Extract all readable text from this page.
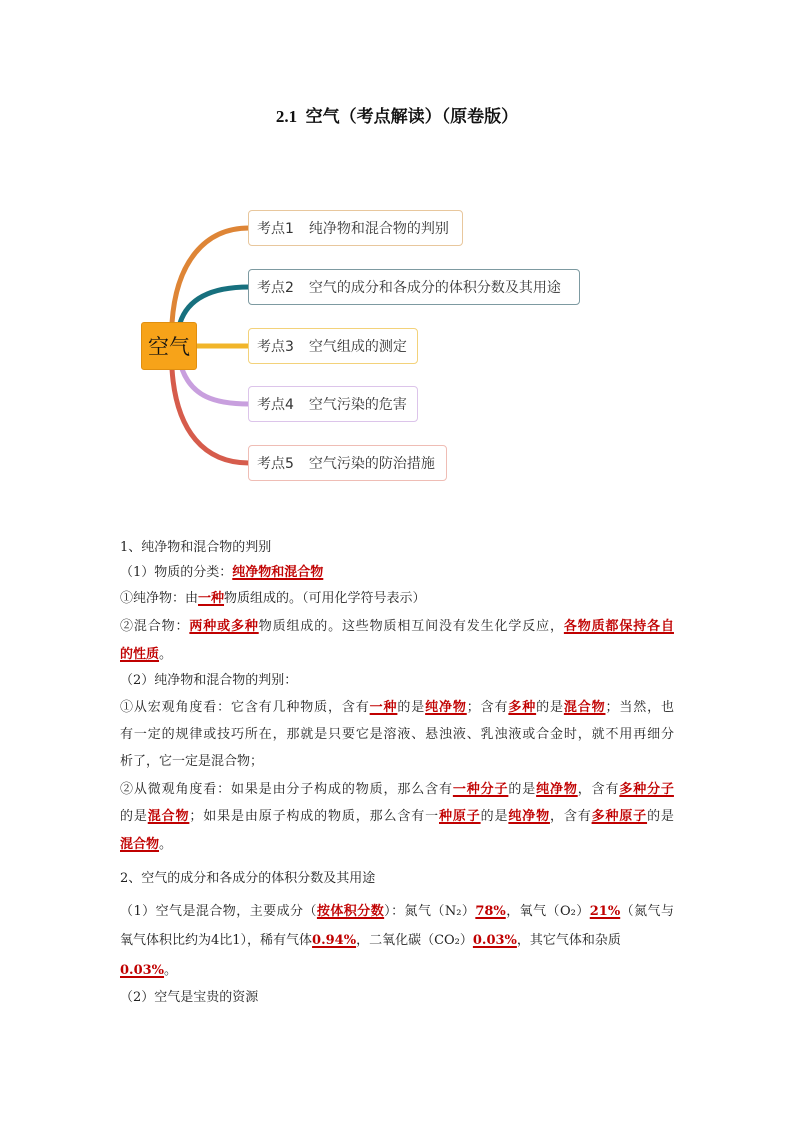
2.1  空气（考点解读）（原卷版）
空气
考点1 纯净物和混合物的判别
考点2 空气的成分和各成分的体积分数及其用途
考点3 空气组成的测定
考点4 空气污染的危害
考点5 空气污染的防治措施
1、纯净物和混合物的判别
（1）物质的分类：纯净物和混合物
①纯净物：由一种物质组成的。（可用化学符号表示）
②混合物：两种或多种物质组成的。这些物质相互间没有发生化学反应，各物质都保持各自
的性质。
（2）纯净物和混合物的判别：
①从宏观角度看：它含有几种物质，含有一种的是纯净物；含有多种的是混合物；当然，也
有一定的规律或技巧所在，那就是只要它是溶液、悬浊液、乳浊液或合金时，就不用再细分
析了，它一定是混合物；
②从微观角度看：如果是由分子构成的物质，那么含有一种分子的是纯净物，含有多种分子
的是混合物；如果是由原子构成的物质，那么含有一种原子的是纯净物，含有多种原子的是
混合物。
2、空气的成分和各成分的体积分数及其用途
（1）空气是混合物，主要成分（按体积分数）：氮气（N₂）78%，氧气（O₂）21%（氮气与
氧气体积比约为4比1），稀有气体0.94%，二氧化碳（CO₂）0.03%，其它气体和杂质
0.03%。
（2）空气是宝贵的资源
